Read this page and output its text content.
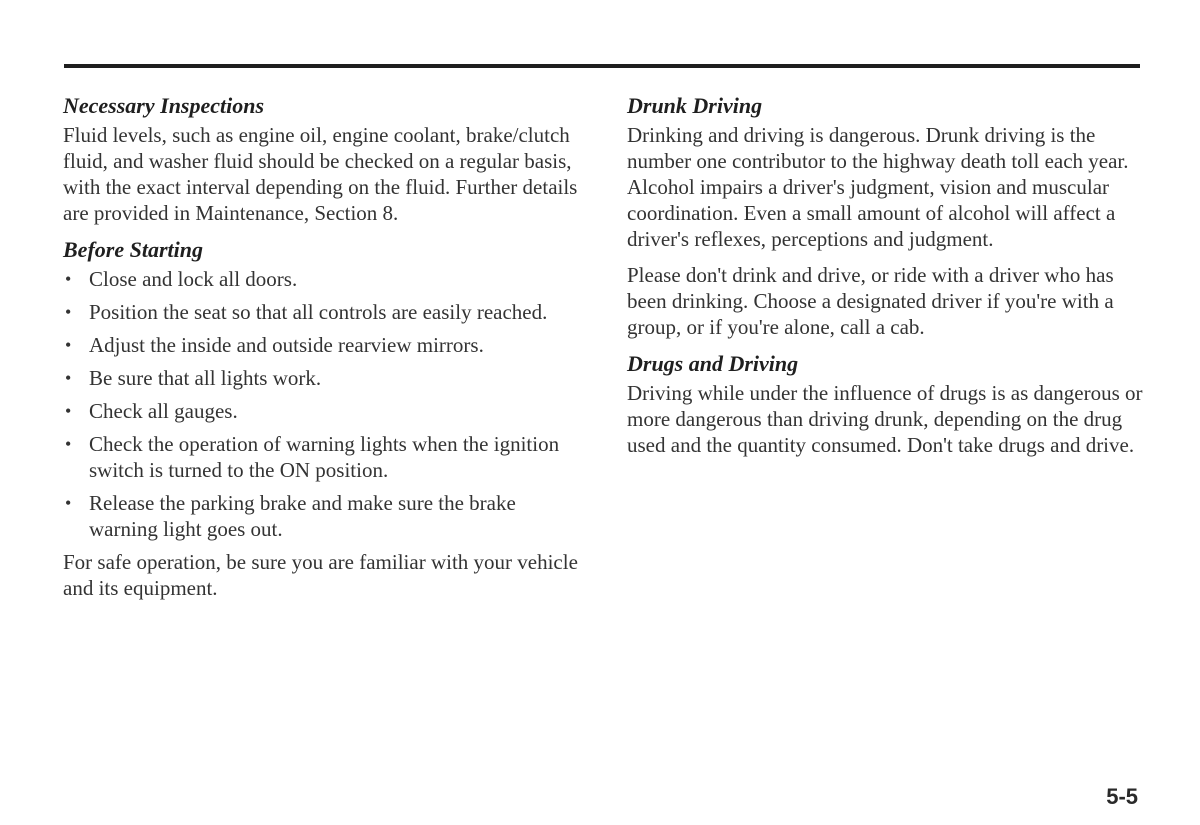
Necessary Inspections

Fluid levels, such as engine oil, engine coolant, brake/clutch fluid, and washer fluid should be checked on a regular basis, with the exact interval depending on the fluid. Further details are provided in Maintenance, Section 8.

Before Starting
• Close and lock all doors.
• Position the seat so that all controls are easily reached.
• Adjust the inside and outside rearview mirrors.
• Be sure that all lights work.
• Check all gauges.
• Check the operation of warning lights when the ignition switch is turned to the ON position.
• Release the parking brake and make sure the brake warning light goes out.

For safe operation, be sure you are familiar with your vehicle and its equipment.

Drunk Driving

Drinking and driving is dangerous. Drunk driving is the number one contributor to the highway death toll each year. Alcohol impairs a driver's judgment, vision and muscular coordination. Even a small amount of alcohol will affect a driver's reflexes, perceptions and judgment.

Please don't drink and drive, or ride with a driver who has been drinking. Choose a designated driver if you're with a group, or if you're alone, call a cab.

Drugs and Driving

Driving while under the influence of drugs is as dangerous or more dangerous than driving drunk, depending on the drug used and the quantity consumed. Don't take drugs and drive.

5-5
